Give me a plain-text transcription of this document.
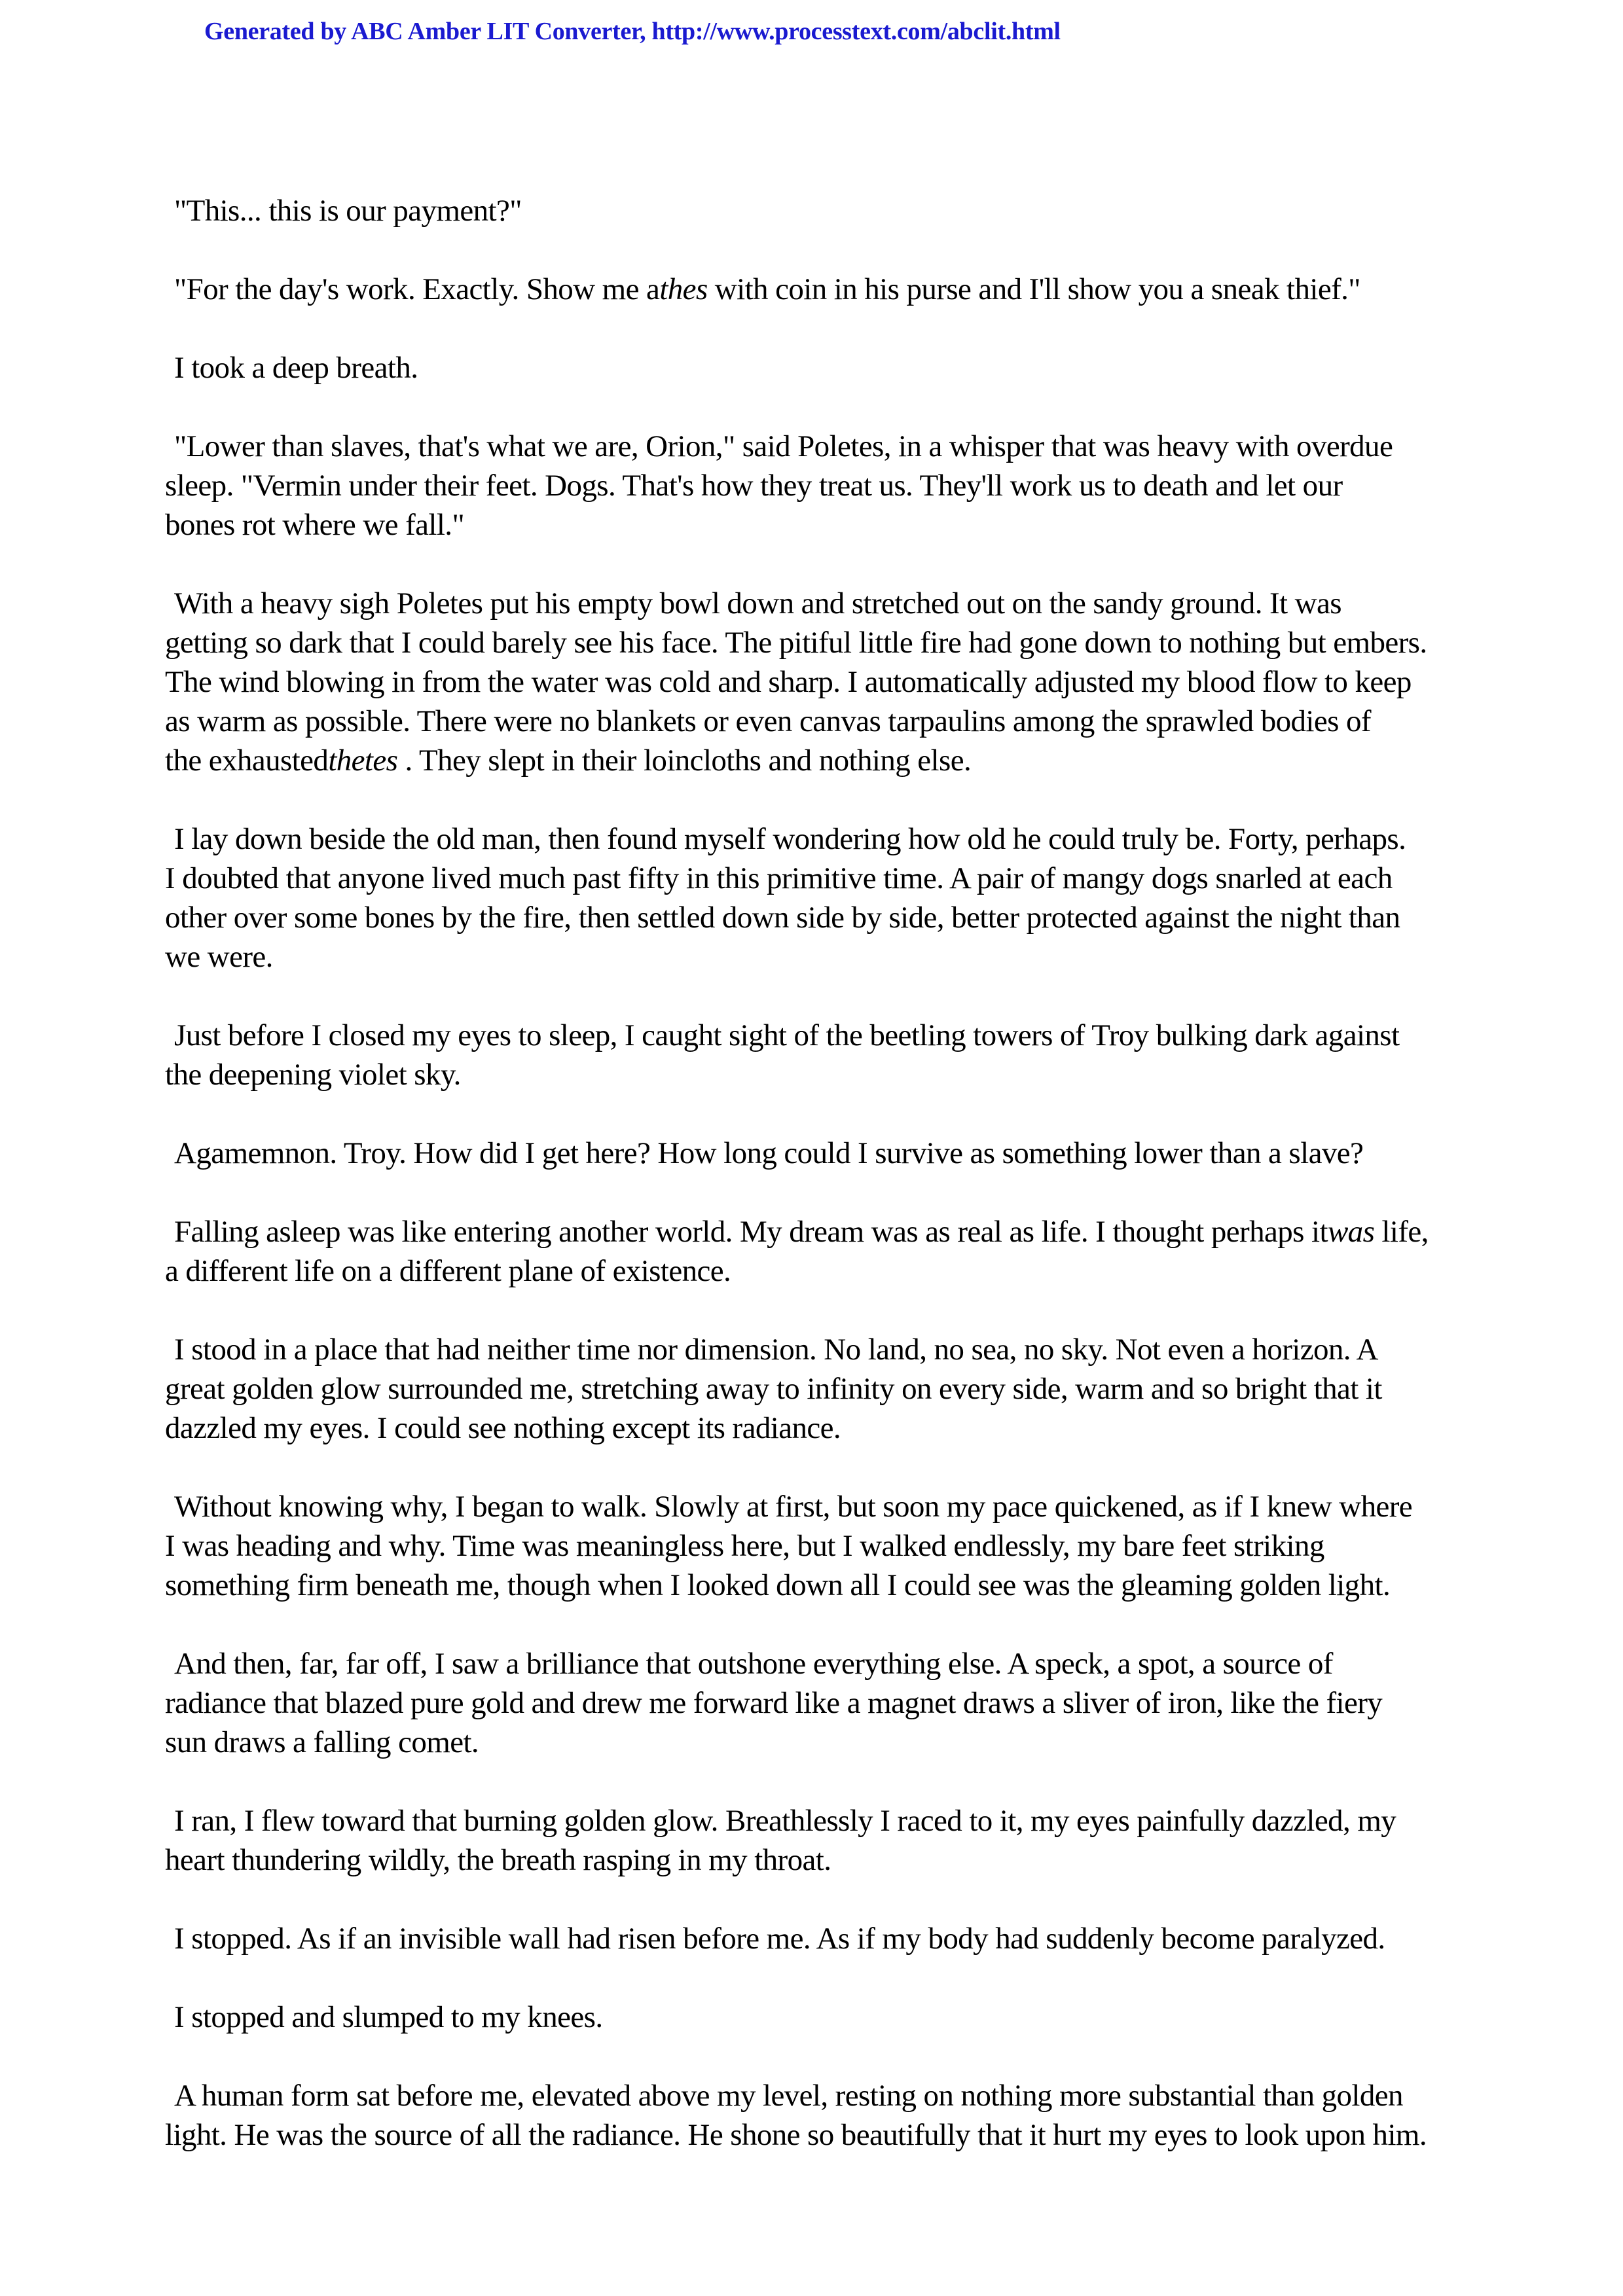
Generated by ABC Amber LIT Converter, http://www.processtext.com/abclit.html
"This... this is our payment?"
"For the day's work. Exactly. Show me athes with coin in his purse and I'll show you a sneak thief."
I took a deep breath.
"Lower than slaves, that's what we are, Orion," said Poletes, in a whisper that was heavy with overdue
sleep. "Vermin under their feet. Dogs. That's how they treat us. They'll work us to death and let our
bones rot where we fall."
With a heavy sigh Poletes put his empty bowl down and stretched out on the sandy ground. It was
getting so dark that I could barely see his face. The pitiful little fire had gone down to nothing but embers.
The wind blowing in from the water was cold and sharp. I automatically adjusted my blood flow to keep
as warm as possible. There were no blankets or even canvas tarpaulins among the sprawled bodies of
the exhaustedthetes . They slept in their loincloths and nothing else.
I lay down beside the old man, then found myself wondering how old he could truly be. Forty, perhaps.
I doubted that anyone lived much past fifty in this primitive time. A pair of mangy dogs snarled at each
other over some bones by the fire, then settled down side by side, better protected against the night than
we were.
Just before I closed my eyes to sleep, I caught sight of the beetling towers of Troy bulking dark against
the deepening violet sky.
Agamemnon. Troy. How did I get here? How long could I survive as something lower than a slave?
Falling asleep was like entering another world. My dream was as real as life. I thought perhaps itwas life,
a different life on a different plane of existence.
I stood in a place that had neither time nor dimension. No land, no sea, no sky. Not even a horizon. A
great golden glow surrounded me, stretching away to infinity on every side, warm and so bright that it
dazzled my eyes. I could see nothing except its radiance.
Without knowing why, I began to walk. Slowly at first, but soon my pace quickened, as if I knew where
I was heading and why. Time was meaningless here, but I walked endlessly, my bare feet striking
something firm beneath me, though when I looked down all I could see was the gleaming golden light.
And then, far, far off, I saw a brilliance that outshone everything else. A speck, a spot, a source of
radiance that blazed pure gold and drew me forward like a magnet draws a sliver of iron, like the fiery
sun draws a falling comet.
I ran, I flew toward that burning golden glow. Breathlessly I raced to it, my eyes painfully dazzled, my
heart thundering wildly, the breath rasping in my throat.
I stopped. As if an invisible wall had risen before me. As if my body had suddenly become paralyzed.
I stopped and slumped to my knees.
A human form sat before me, elevated above my level, resting on nothing more substantial than golden
light. He was the source of all the radiance. He shone so beautifully that it hurt my eyes to look upon him.
